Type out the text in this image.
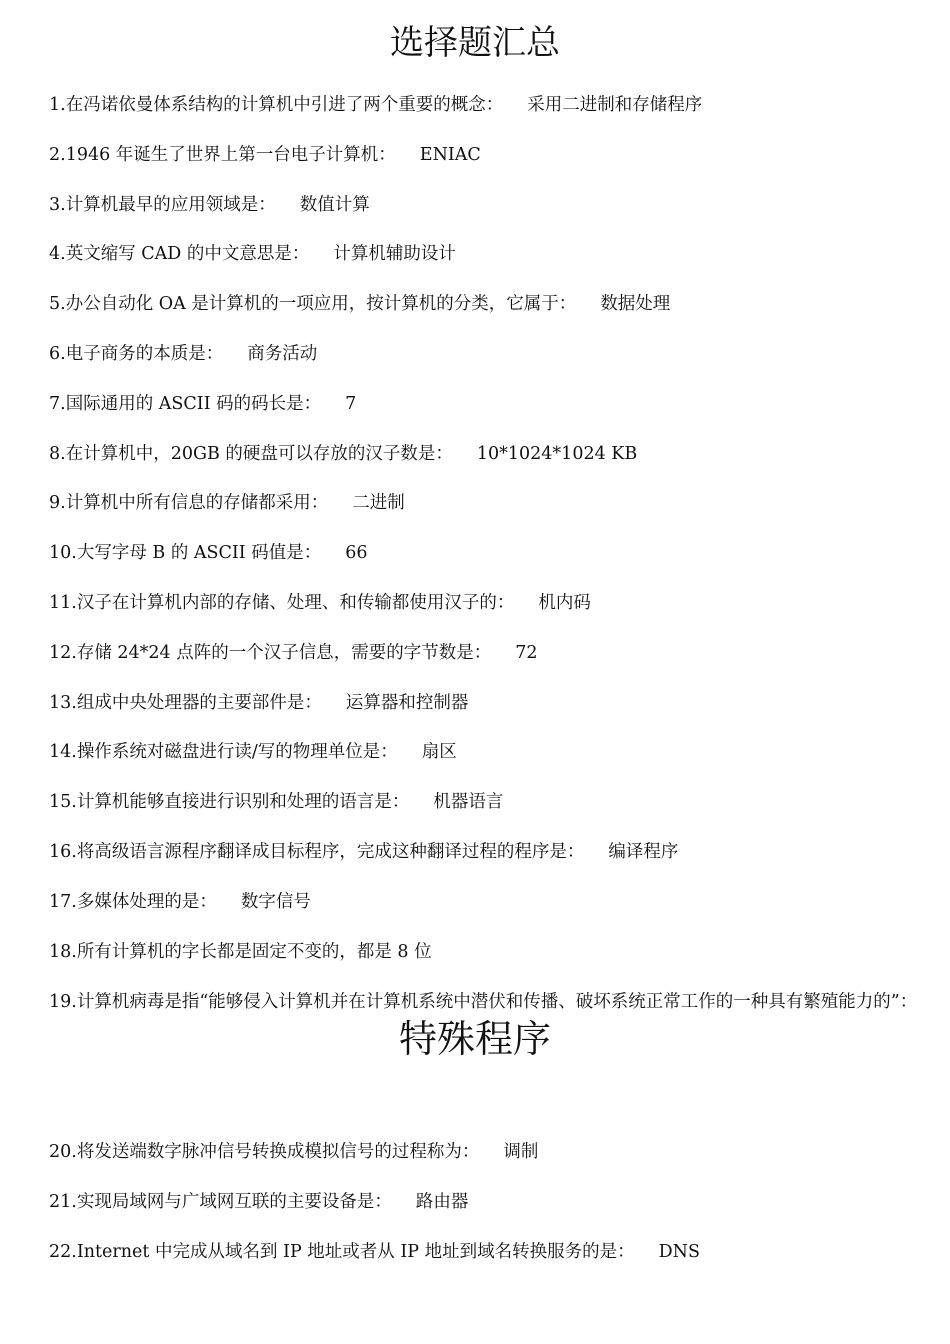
选择题汇总
1.在冯诺依曼体系结构的计算机中引进了两个重要的概念： 采用二进制和存储程序
2.1946 年诞生了世界上第一台电子计算机： ENIAC
3.计算机最早的应用领域是： 数值计算
4.英文缩写 CAD 的中文意思是： 计算机辅助设计
5.办公自动化 OA 是计算机的一项应用，按计算机的分类，它属于： 数据处理
6.电子商务的本质是： 商务活动
7.国际通用的 ASCII 码的码长是： 7
8.在计算机中，20GB 的硬盘可以存放的汉子数是： 10*1024*1024 KB
9.计算机中所有信息的存储都采用： 二进制
10.大写字母 B 的 ASCII 码值是： 66
11.汉子在计算机内部的存储、处理、和传输都使用汉子的： 机内码
12.存储 24*24 点阵的一个汉子信息，需要的字节数是： 72
13.组成中央处理器的主要部件是： 运算器和控制器
14.操作系统对磁盘进行读/写的物理单位是： 扇区
15.计算机能够直接进行识别和处理的语言是： 机器语言
16.将高级语言源程序翻译成目标程序，完成这种翻译过程的程序是： 编译程序
17.多媒体处理的是： 数字信号
18.所有计算机的字长都是固定不变的，都是 8 位
19.计算机病毒是指“能够侵入计算机并在计算机系统中潜伏和传播、破坏系统正常工作的一种具有繁殖能力的”：
特殊程序
20.将发送端数字脉冲信号转换成模拟信号的过程称为： 调制
21.实现局域网与广域网互联的主要设备是： 路由器
22.Internet 中完成从域名到 IP 地址或者从 IP 地址到域名转换服务的是： DNS
